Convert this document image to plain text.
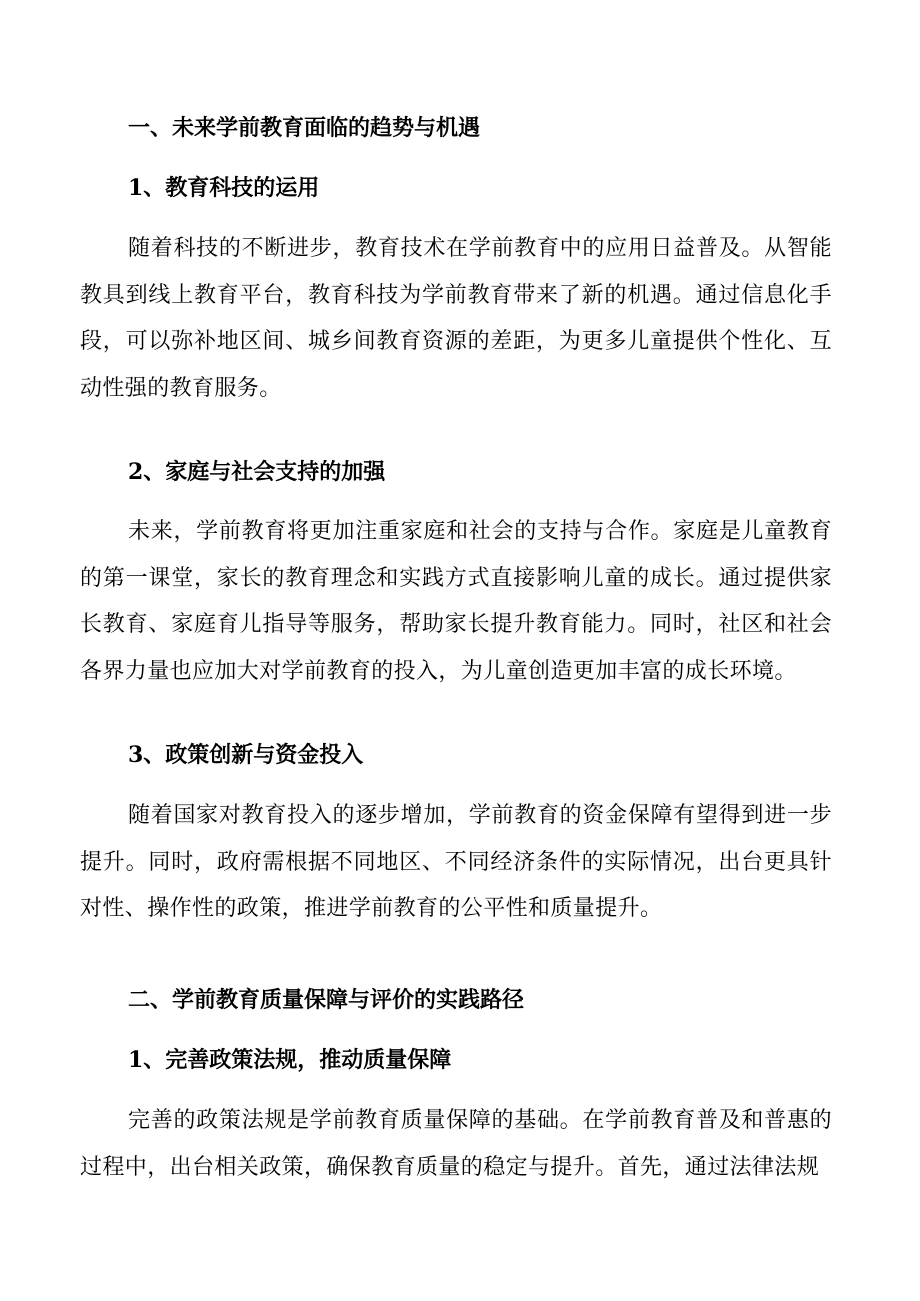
一、未来学前教育面临的趋势与机遇
1、教育科技的运用

随着科技的不断进步，教育技术在学前教育中的应用日益普及。从智能教具到线上教育平台，教育科技为学前教育带来了新的机遇。通过信息化手段，可以弥补地区间、城乡间教育资源的差距，为更多儿童提供个性化、互动性强的教育服务。

2、家庭与社会支持的加强

未来，学前教育将更加注重家庭和社会的支持与合作。家庭是儿童教育的第一课堂，家长的教育理念和实践方式直接影响儿童的成长。通过提供家长教育、家庭育儿指导等服务，帮助家长提升教育能力。同时，社区和社会各界力量也应加大对学前教育的投入，为儿童创造更加丰富的成长环境。

3、政策创新与资金投入

随着国家对教育投入的逐步增加，学前教育的资金保障有望得到进一步提升。同时，政府需根据不同地区、不同经济条件的实际情况，出台更具针对性、操作性的政策，推进学前教育的公平性和质量提升。

二、学前教育质量保障与评价的实践路径
1、完善政策法规，推动质量保障

完善的政策法规是学前教育质量保障的基础。在学前教育普及和普惠的过程中，出台相关政策，确保教育质量的稳定与提升。首先，通过法律法规
